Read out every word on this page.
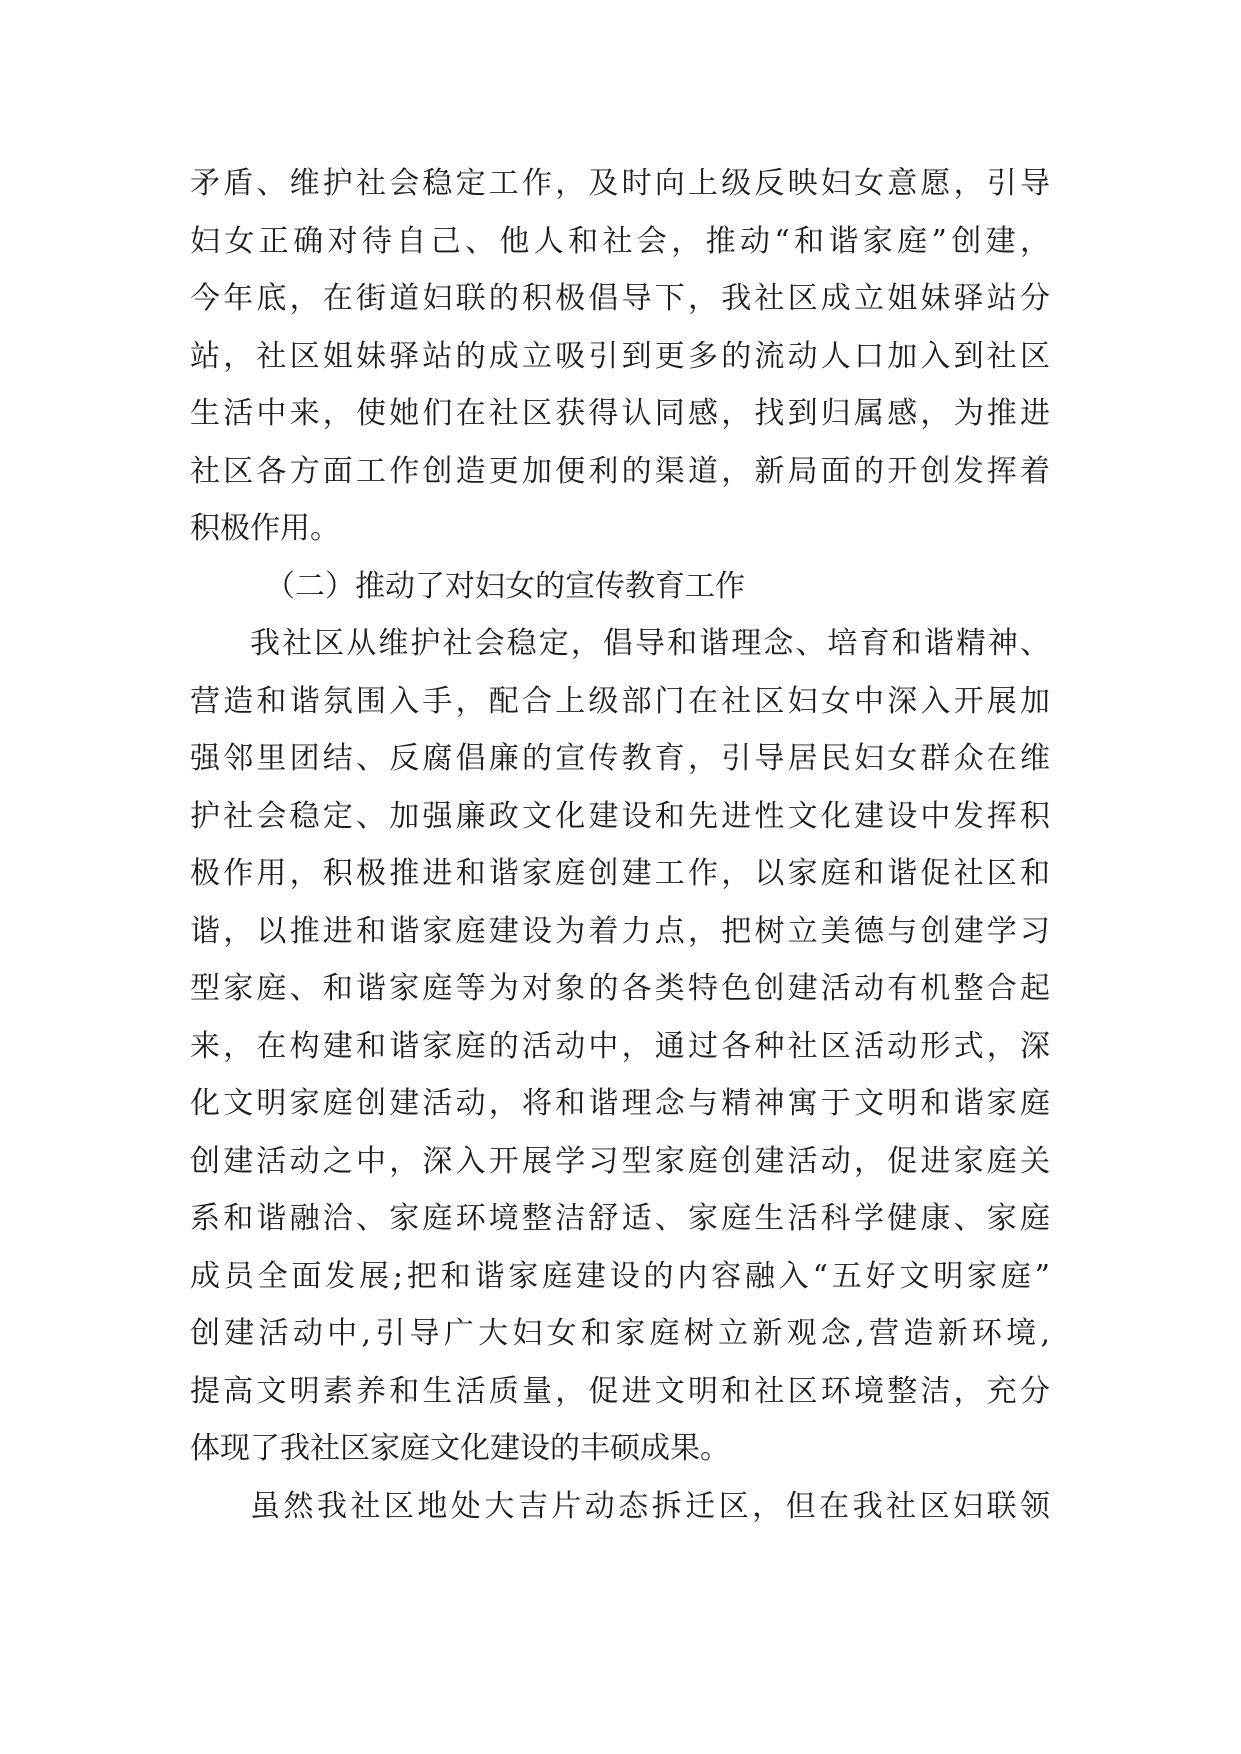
矛盾、维护社会稳定工作，及时向上级反映妇女意愿，引导
妇女正确对待自己、他人和社会，推动“和谐家庭”创建，
今年底，在街道妇联的积极倡导下，我社区成立姐妹驿站分
站，社区姐妹驿站的成立吸引到更多的流动人口加入到社区
生活中来，使她们在社区获得认同感，找到归属感，为推进
社区各方面工作创造更加便利的渠道，新局面的开创发挥着
积极作用。
（二）推动了对妇女的宣传教育工作
我社区从维护社会稳定，倡导和谐理念、培育和谐精神、
营造和谐氛围入手，配合上级部门在社区妇女中深入开展加
强邻里团结、反腐倡廉的宣传教育，引导居民妇女群众在维
护社会稳定、加强廉政文化建设和先进性文化建设中发挥积
极作用，积极推进和谐家庭创建工作，以家庭和谐促社区和
谐，以推进和谐家庭建设为着力点，把树立美德与创建学习
型家庭、和谐家庭等为对象的各类特色创建活动有机整合起
来，在构建和谐家庭的活动中，通过各种社区活动形式，深
化文明家庭创建活动，将和谐理念与精神寓于文明和谐家庭
创建活动之中，深入开展学习型家庭创建活动，促进家庭关
系和谐融洽、家庭环境整洁舒适、家庭生活科学健康、家庭
成员全面发展;把和谐家庭建设的内容融入“五好文明家庭”
创建活动中,引导广大妇女和家庭树立新观念,营造新环境,
提高文明素养和生活质量，促进文明和社区环境整洁，充分
体现了我社区家庭文化建设的丰硕成果。
虽然我社区地处大吉片动态拆迁区，但在我社区妇联领
